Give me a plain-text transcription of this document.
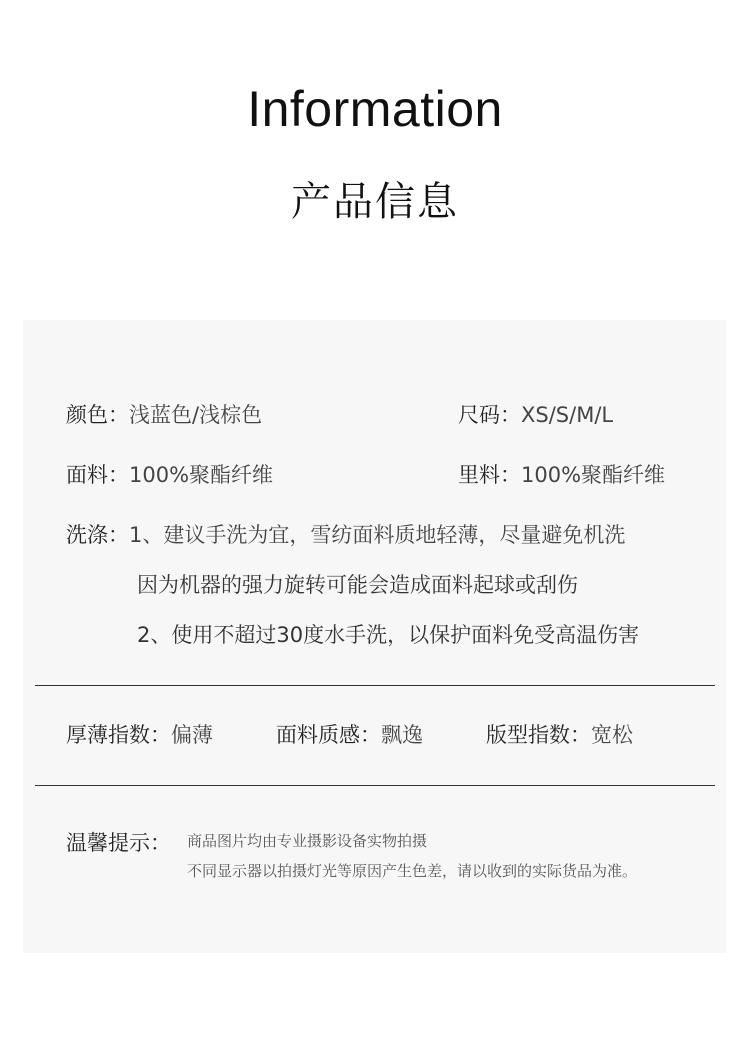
Information
产品信息
颜色：浅蓝色/浅棕色	尺码：XS/S/M/L
面料：100%聚酯纤维	里料：100%聚酯纤维
洗涤：1、建议手洗为宜，雪纺面料质地轻薄，尽量避免机洗
因为机器的强力旋转可能会造成面料起球或刮伤
2、使用不超过30度水手洗，以保护面料免受高温伤害
厚薄指数：偏薄	面料质感：飘逸	版型指数：宽松
温馨提示： 商品图片均由专业摄影设备实物拍摄
不同显示器以拍摄灯光等原因产生色差，请以收到的实际货品为准。
